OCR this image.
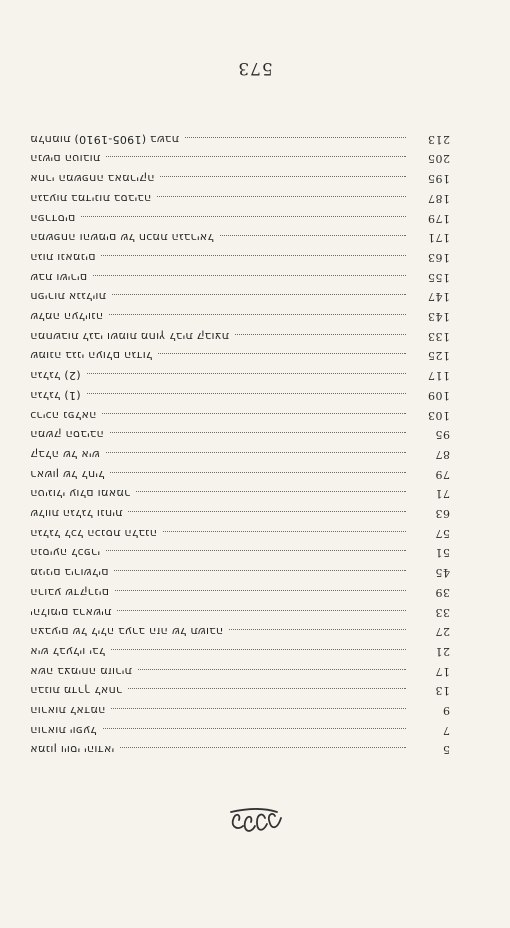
573
5
אמנון ויוסי יהודאי
7
הוראות יופעל
9
הוראות לאדמה
13
הבנות מדרך לאחר
17
אשה בצמיחה מזורית
21
איש לבעליו יבל
27
הצבעים של לילה בערב הזה של תשובה
33
יהלומים בראשית
39
הרובע שדקרנים
45
מגינים בירושלים
51
הנסיעה לכפרי
57
הגלגל לכל הכנסת הלבנה
63
שלוות הגלגל ונחית
71
הטיגולי עולם ומאמר
79
ראשון של לחיל
87
קבלה של איש
95
המשק הסביבה
103
כריכה נפלאה
109
הגלגל (1)
117
הגלגל (2)
125
שמונה בגני העולם הגדול
133
המחשבות לגבי ושמות מחוץ לבית קבוצת
143
שלמה העליונה
147
חפירות אנגליות
155
שבת ושירים
163
הגות ונאמנים
171
המשפחה והשמים של חכמת הגבריאל
179
הפרדסים
187
הגבעות במדינות בסביבה
195
אחרי המשפחה באמריקה
205
הנשים הטובות
213
מלחמות (1905-1910) בשבת
